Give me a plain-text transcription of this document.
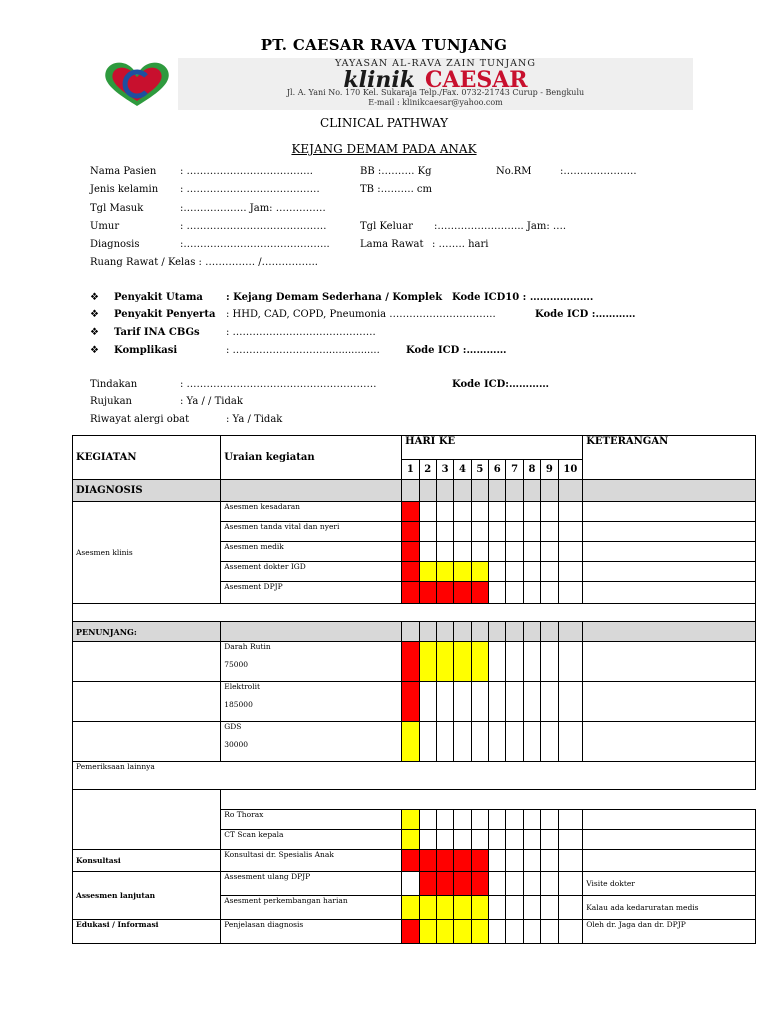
PT. CAESAR RAVA TUNJANG
YAYASAN AL-RAVA ZAIN TUNJANG
klinik CAESAR
Jl. A. Yani No. 170 Kel. Sukaraja Telp./Fax. 0732-21743 Curup - Bengkulu
E-mail : klinikcaesar@yahoo.com
CLINICAL PATHWAY
KEJANG DEMAM PADA ANAK
Nama Pasien : ………………………………..	BB :………. Kg	No.RM	:………………….
Jenis kelamin : …………………….……………	TB :………. cm
Tgl Masuk	:………………. Jam: ……………
Umur	: ……………………………………	Tgl Keluar :…………………….. Jam: ….
Diagnosis	:……………………………………..	Lama Rawat : …….. hari
Ruang Rawat / Kelas : …………… /……………..
❖ Penyakit Utama : Kejang Demam Sederhana / Komplek Kode ICD10 : ……………….
❖ Penyakit Penyerta : HHD, CAD, COPD, Pneumonia …………………………..	Kode ICD :…………
❖ Tarif INA CBGs	: …………………………………….
❖ Komplikasi	: ………………………..................	Kode ICD :…………
Tindakan	: …………………………………………………	Kode ICD:…………
Rujukan	: Ya / / Tidak
Riwayat alergi obat	: Ya / Tidak
KEGIATAN	Uraian kegiatan	HARI KE										KETERANGAN
		1	2	3	4	5	6	7	8	9	10	
DIAGNOSIS												
Asesmen klinis	Asesmen kesadaran											
	Asesmen tanda vital dan nyeri											
	Asesmen medik											
	Assement dokter IGD											
	Asesment DPJP											

PENUNJANG:												
	Darah Rutin
75000											

	Elektrolit
185000											

	GDS
30000											

Pemeriksaan lainnya												

	Ro Thorax											
	CT Scan kepala											
Konsultasi	Konsultasi dr. Spesialis Anak											
Assesmen lanjutan	Assesment ulang DPJP											Visite dokter
	Asesment perkembangan harian											Kalau ada kedaruratan medis
Edukasi / Informasi	Penjelasan diagnosis											Oleh dr. Jaga dan dr. DPJP
